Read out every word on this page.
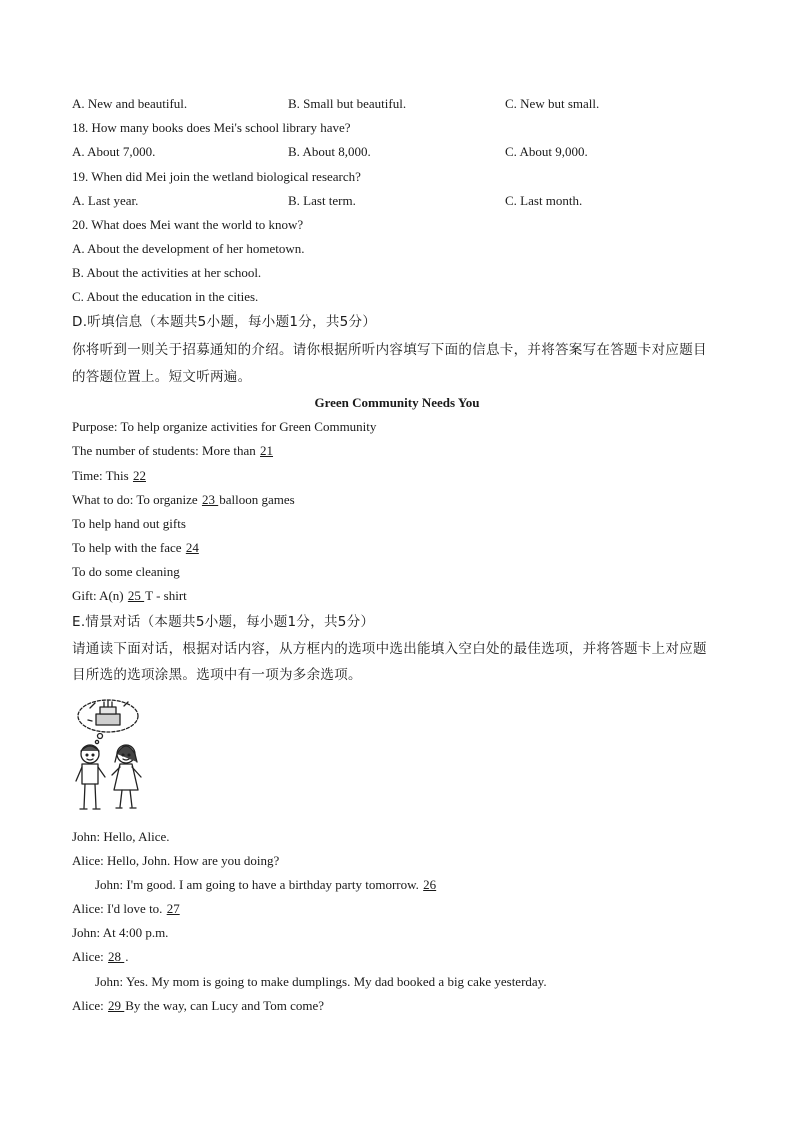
A. New and beautiful.	B. Small but beautiful.	C. New but small.
18. How many books does Mei's school library have?
A. About 7,000.	B. About 8,000.	C. About 9,000.
19. When did Mei join the wetland biological research?
A. Last year.	B. Last term.	C. Last month.
20. What does Mei want the world to know?
A. About the development of her hometown.
B. About the activities at her school.
C. About the education in the cities.
D.听填信息（本题共5小题，每小题1分，共5分）
你将听到一则关于招募通知的介绍。请你根据所听内容填写下面的信息卡，并将答案写在答题卡对应题目
的答题位置上。短文听两遍。
Green Community Needs You
Purpose: To help organize activities for Green Community
The number of students: More than 21
Time: This 22
What to do: To organize 23 balloon games
To help hand out gifts
To help with the face 24
To do some cleaning
Gift: A(n) 25 T - shirt
E.情景对话（本题共5小题，每小题1分，共5分）
请通读下面对话，根据对话内容，从方框内的选项中选出能填入空白处的最佳选项，并将答题卡上对应题
目所选的选项涂黑。选项中有一项为多余选项。
John: Hello, Alice.
Alice: Hello, John. How are you doing?
John: I'm good. I am going to have a birthday party tomorrow. 26
Alice: I'd love to. 27
John: At 4:00 p.m.
Alice: 28 .
John: Yes. My mom is going to make dumplings. My dad booked a big cake yesterday.
Alice: 29 By the way, can Lucy and Tom come?
